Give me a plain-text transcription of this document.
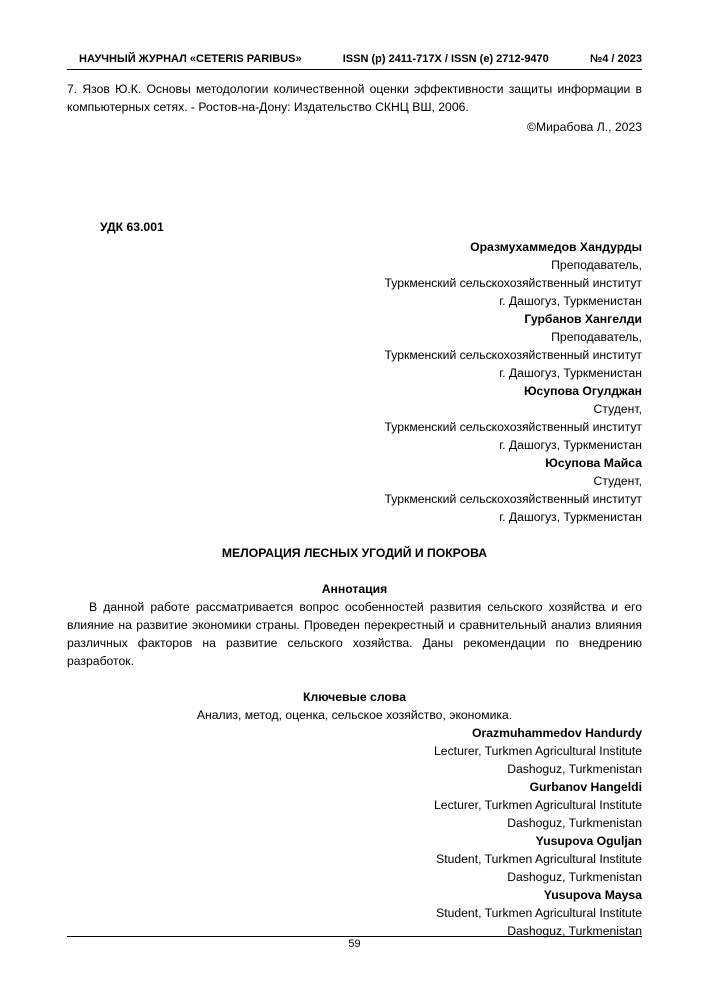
НАУЧНЫЙ ЖУРНАЛ «CETERIS PARIBUS»	ISSN (p) 2411-717X / ISSN (e) 2712-9470	№4 / 2023
7. Язов Ю.К. Основы методологии количественной оценки эффективности защиты информации в компьютерных сетях. - Ростов-на-Дону: Издательство СКНЦ ВШ, 2006.
©Мирабова Л., 2023
УДК 63.001
Оразмухаммедов Хандурды
Преподаватель,
Туркменский сельскохозяйственный институт
г. Дашогуз, Туркменистан
Гурбанов Хангелди
Преподаватель,
Туркменский сельскохозяйственный институт
г. Дашогуз, Туркменистан
Юсупова Огулджан
Студент,
Туркменский сельскохозяйственный институт
г. Дашогуз, Туркменистан
Юсупова Майса
Студент,
Туркменский сельскохозяйственный институт
г. Дашогуз, Туркменистан
МЕЛОРАЦИЯ ЛЕСНЫХ УГОДИЙ И ПОКРОВА
Аннотация
В данной работе рассматривается вопрос особенностей развития сельского хозяйства и его влияние на развитие экономики страны. Проведен перекрестный и сравнительный анализ влияния различных факторов на развитие сельского хозяйства. Даны рекомендации по внедрению разработок.
Ключевые слова
Анализ, метод, оценка, сельское хозяйство, экономика.
Orazmuhammedov Handurdy
Lecturer, Turkmen Agricultural Institute
Dashoguz, Turkmenistan
Gurbanov Hangeldi
Lecturer, Turkmen Agricultural Institute
Dashoguz, Turkmenistan
Yusupova Oguljan
Student, Turkmen Agricultural Institute
Dashoguz, Turkmenistan
Yusupova Maysa
Student, Turkmen Agricultural Institute
Dashoguz, Turkmenistan
59
